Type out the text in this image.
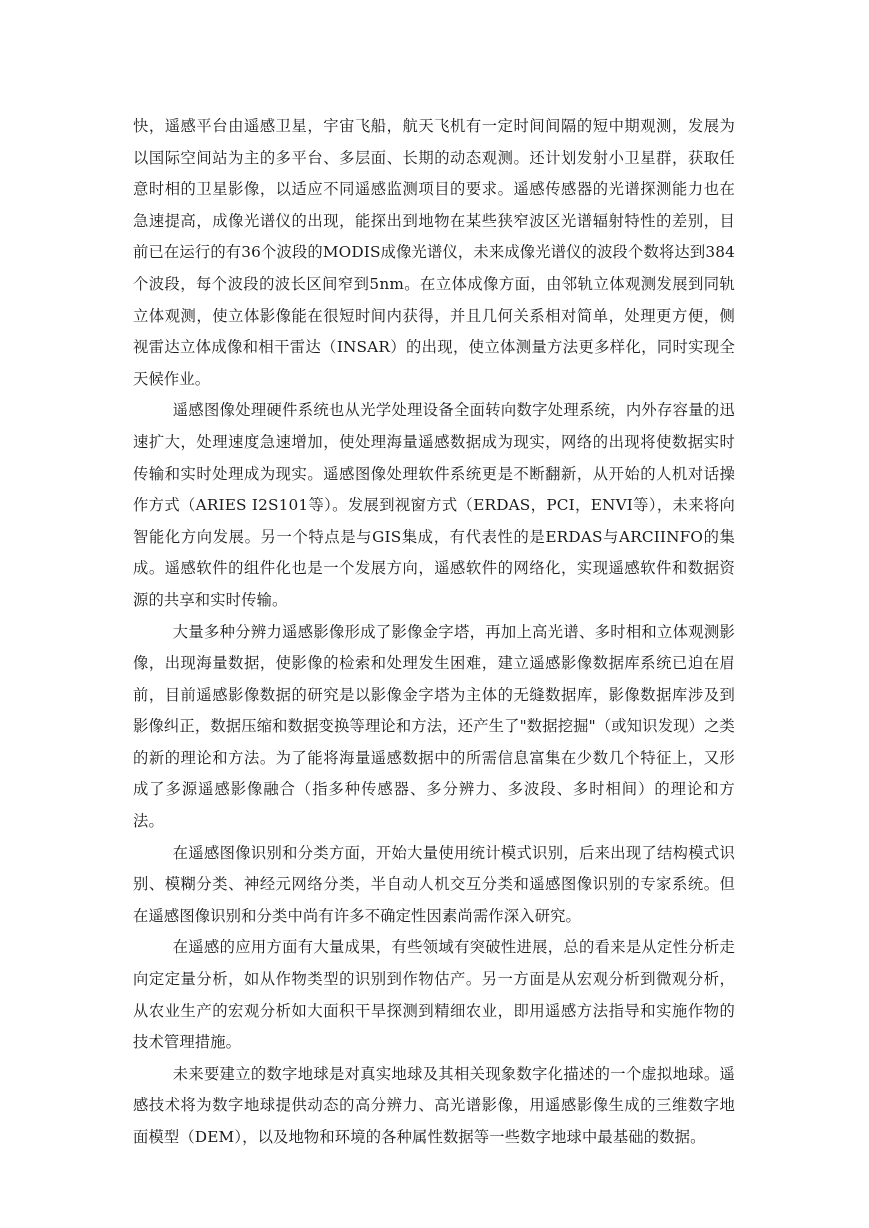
快，遥感平台由遥感卫星，宇宙飞船，航天飞机有一定时间间隔的短中期观测，发展为以国际空间站为主的多平台、多层面、长期的动态观测。还计划发射小卫星群，获取任意时相的卫星影像，以适应不同遥感监测项目的要求。遥感传感器的光谱探测能力也在急速提高，成像光谱仪的出现，能探出到地物在某些狭窄波区光谱辐射特性的差别，目前已在运行的有36个波段的MODIS成像光谱仪，未来成像光谱仪的波段个数将达到384个波段，每个波段的波长区间窄到5nm。在立体成像方面，由邻轨立体观测发展到同轨立体观测，使立体影像能在很短时间内获得，并且几何关系相对简单，处理更方便，侧视雷达立体成像和相干雷达（INSAR）的出现，使立体测量方法更多样化，同时实现全天候作业。

遥感图像处理硬件系统也从光学处理设备全面转向数字处理系统，内外存容量的迅速扩大，处理速度急速增加，使处理海量遥感数据成为现实，网络的出现将使数据实时传输和实时处理成为现实。遥感图像处理软件系统更是不断翻新，从开始的人机对话操作方式（ARIES I2S101等）。发展到视窗方式（ERDAS，PCI，ENVI等），未来将向智能化方向发展。另一个特点是与GIS集成，有代表性的是ERDAS与ARCIINFO的集成。遥感软件的组件化也是一个发展方向，遥感软件的网络化，实现遥感软件和数据资源的共享和实时传输。

大量多种分辨力遥感影像形成了影像金字塔，再加上高光谱、多时相和立体观测影像，出现海量数据，使影像的检索和处理发生困难，建立遥感影像数据库系统已迫在眉前，目前遥感影像数据的研究是以影像金字塔为主体的无缝数据库，影像数据库涉及到影像纠正，数据压缩和数据变换等理论和方法，还产生了"数据挖掘"（或知识发现）之类的新的理论和方法。为了能将海量遥感数据中的所需信息富集在少数几个特征上，又形成了多源遥感影像融合（指多种传感器、多分辨力、多波段、多时相间）的理论和方法。

在遥感图像识别和分类方面，开始大量使用统计模式识别，后来出现了结构模式识别、模糊分类、神经元网络分类，半自动人机交互分类和遥感图像识别的专家系统。但在遥感图像识别和分类中尚有许多不确定性因素尚需作深入研究。

在遥感的应用方面有大量成果，有些领域有突破性进展，总的看来是从定性分析走向定定量分析，如从作物类型的识别到作物估产。另一方面是从宏观分析到微观分析，从农业生产的宏观分析如大面积干旱探测到精细农业，即用遥感方法指导和实施作物的技术管理措施。

未来要建立的数字地球是对真实地球及其相关现象数字化描述的一个虚拟地球。遥感技术将为数字地球提供动态的高分辨力、高光谱影像，用遥感影像生成的三维数字地面模型（DEM），以及地物和环境的各种属性数据等一些数字地球中最基础的数据。
